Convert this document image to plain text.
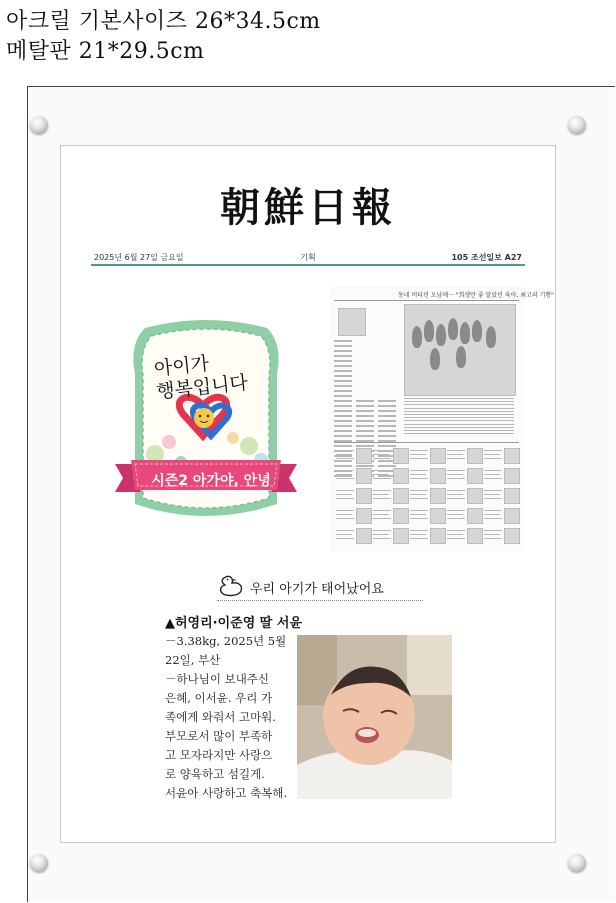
아크릴 기본사이즈 26*34.5cm
메탈판 21*29.5cm
朝鮮日報
2025년 6월 27일 금요일	기획	105 조선일보 A27
아이가
행복입니다
시즌2 아가야, 안녕
동네 비타민 오남매··· "희생만 좋 알았던 육아, 최고의 기쁨"
우리 아기가 태어났어요
▲허영리·이준영 딸 서윤
－3.38kg, 2025년 5월
22일, 부산
－하나님이 보내주신
은혜, 이서윤. 우리 가
족에게 와줘서 고마워.
부모로서 많이 부족하
고 모자라지만 사랑으
로 양육하고 섬길게.
서윤아 사랑하고 축복해.
